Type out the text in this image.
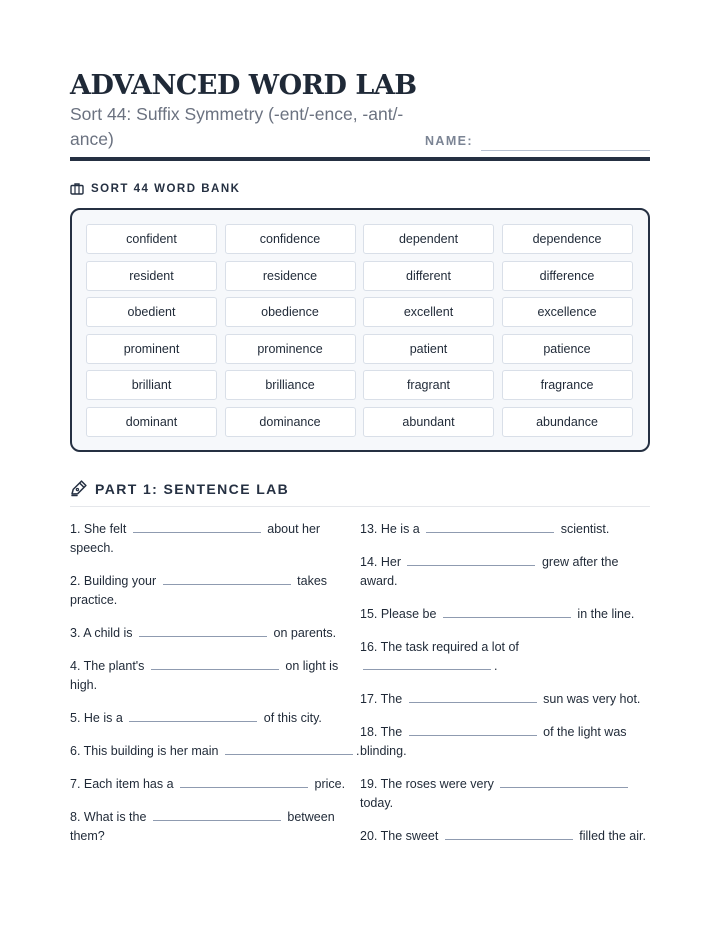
ADVANCED WORD LAB
Sort 44: Suffix Symmetry (-ent/-ence, -ant/-ance)	NAME:
SORT 44 WORD BANK
confident	confidence	dependent	dependence
resident	residence	different	difference
obedient	obedience	excellent	excellence
prominent	prominence	patient	patience
brilliant	brilliance	fragrant	fragrance
dominant	dominance	abundant	abundance
PART 1: SENTENCE LAB
1. She felt	about her speech.
2. Building your	takes practice.
3. A child is	on parents.
4. The plant's	on light is high.
5. He is a	of this city.
6. This building is her main	.
7. Each item has a	price.
8. What is the	between them?
13. He is a	scientist.
14. Her	grew after the award.
15. Please be	in the line.
16. The task required a lot of .
17. The	sun was very hot.
18. The	of the light was blinding.
19. The roses were very  today.
20. The sweet	filled the air.
